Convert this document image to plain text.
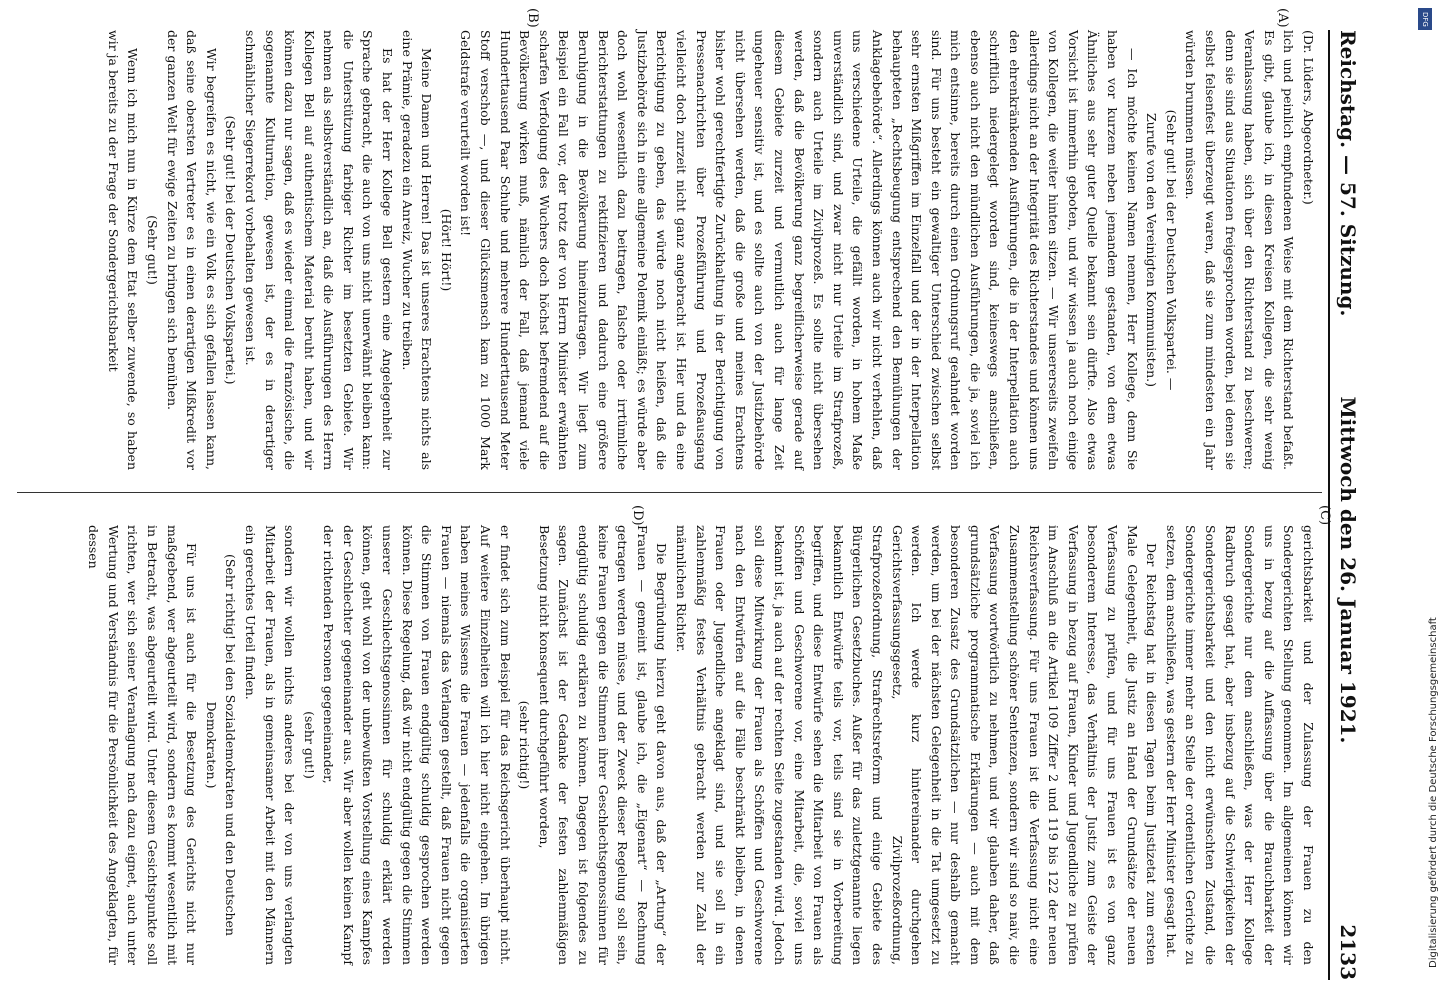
Reichstag. — 57. Sitzung.
Mittwoch den 26. Januar 1921.
2133
(A)
(B)
(C)
(D)

(Dr. Lüders, Abgeordneter.)

lich und peinlich empfundenen Weise mit dem Richterstand befaßt. Es gibt, glaube ich, in diesen Kreisen Kollegen, die sehr wenig Veranlassung haben, sich über den Richterstand zu beschweren; denn sie sind aus Situationen freigesprochen worden, bei denen sie selbst felsenfest überzeugt waren, daß sie zum mindesten ein Jahr würden brummen müssen.

(Sehr gut! bei der Deutschen Volkspartei. —

Zurufe von den Vereinigten Kommunisten.)

— Ich möchte keinen Namen nennen, Herr Kollege, denn Sie haben vor kurzem neben jemandem gestanden, von dem etwas Ähnliches aus sehr guter Quelle bekannt sein dürfte. Also etwas Vorsicht ist immerhin geboten, und wir wissen ja auch noch einige von Kollegen, die weiter hinten sitzen. — Wir unsererseits zweifeln allerdings nicht an der Integrität des Richterstandes und können uns den ehrenkränkenden Ausführungen, die in der Interpellation auch schriftlich niedergelegt worden sind, keineswegs anschließen, ebenso auch nicht den mündlichen Ausführungen, die ja, soviel ich mich entsinne, bereits durch einen Ordnungsruf geahndet worden sind. Für uns besteht ein gewaltiger Unterschied zwischen selbst sehr ernsten Mißgriffen im Einzelfall und der in der Interpellation behaupteten „Rechtsbeugung entsprechend den Bemühungen der Anklagebehörde“. Allerdings können auch wir nicht verhehlen, daß uns verschiedene Urteile, die gefällt worden, in hohem Maße unverständlich sind, und zwar nicht nur Urteile im Strafprozeß, sondern auch Urteile im Zivilprozeß. Es sollte nicht übersehen werden, daß die Bevölkerung ganz begreiflicherweise gerade auf diesem Gebiete zurzeit und vermutlich auch für lange Zeit ungeheuer sensitiv ist, und es sollte auch von der Justizbehörde nicht übersehen werden, daß die große und meines Erachtens bisher wohl gerechtfertigte Zurückhaltung in der Berichtigung von Pressenachrichten über Prozeßführung und Prozeßausgang vielleicht doch zurzeit nicht ganz angebracht ist. Hier und da eine Berichtigung zu geben, das würde noch nicht heißen, daß die Justizbehörde sich in eine allgemeine Polemik einläßt; es würde aber doch wohl wesentlich dazu beitragen, falsche oder irrtümliche Berichterstattungen zu rektifizieren und dadurch eine größere Beruhigung in die Bevölkerung hineinzutragen. Wir liegt zum Beispiel ein Fall vor, der trotz der von Herrn Minister erwähnten scharfen Verfolgung des Wuchers doch höchst befremdend auf die Bevölkerung wirken muß, nämlich der Fall, daß jemand viele Hunderttausend Paar Schuhe und mehrere Hunderttausend Meter Stoff verschob —, und dieser Glücksmensch kam zu 1000 Mark Geldstrafe verurteilt worden ist!

(Hört! Hört!)

Meine Damen und Herren! Das ist unseres Erachtens nichts als eine Prämie, geradezu ein Anreiz, Wucher zu treiben.

Es hat der Herr Kollege Bell gestern eine Angelegenheit zur Sprache gebracht, die auch von uns nicht unerwähnt bleiben kann: die Unterstützung farbiger Richter im besetzten Gebiete. Wir nehmen als selbstverständlich an, daß die Ausführungen des Herrn Kollegen Bell auf authentischem Material beruht haben, und wir können dazu nur sagen, daß es wieder einmal die französische, die sogenannte Kulturnation, gewesen ist, der es in derartiger schmählicher Siegerrekord vorbehalten gewesen ist.

(Sehr gut! bei der Deutschen Volkspartei.)

Wir begreifen es nicht, wie ein Volk es sich gefallen lassen kann, daß seine obersten Vertreter es in einen derartigen Mißkredit vor der ganzen Welt für ewige Zeiten zu bringen sich bemühen.

(Sehr gut!)

Wenn ich mich nun in Kürze dem Etat selber zuwende, so haben wir ja bereits zu der Frage der Sondergerichtsbarkeit

gerichtsbarkeit und der Zulassung der Frauen zu den Sondergerichten Stellung genommen. Im allgemeinen können wir uns in bezug auf die Auffassung über die Brauchbarkeit der Sondergerichte nur dem anschließen, was der Herr Kollege Radbruch gesagt hat, aber insbezug auf die Schwierigkeiten der Sondergerichtsbarkeit und den nicht erwünschten Zustand, die Sondergerichte immer mehr an Stelle der ordentlichen Gerichte zu setzen, dem anschließen, was gestern der Herr Minister gesagt hat.

Der Reichstag hat in diesen Tagen beim Justizetat zum ersten Male Gelegenheit, die Justiz an Hand der Grundsätze der neuen Verfassung zu prüfen, und für uns Frauen ist es von ganz besonderem Interesse, das Verhältnis der Justiz zum Geiste der Verfassung in bezug auf Frauen, Kinder und Jugendliche zu prüfen im Anschluß an die Artikel 109 Ziffer 2 und 119 bis 122 der neuen Reichsverfassung. Für uns Frauen ist die Verfassung nicht eine Zusammenstellung schöner Sentenzen, sondern wir sind so naiv, die Verfassung wortwörtlich zu nehmen, und wir glauben daher, daß grundsätzliche programmatische Erklärungen — auch mit dem besonderen Zusatz des Grundsätzlichen — nur deshalb gemacht werden, um bei der nächsten Gelegenheit in die Tat umgesetzt zu werden. Ich werde kurz hintereinander durchgehen Gerichtsverfassungsgesetz, Zivilprozeßordnung, Strafprozeßordnung, Strafrechtsreform und einige Gebiete des Bürgerlichen Gesetzbuches. Außer für das zuletztgenannte liegen bekanntlich Entwürfe teils vor, teils sind sie in Vorbereitung begriffen, und diese Entwürfe sehen die Mitarbeit von Frauen als Schöffen und Geschworene vor, eine Mitarbeit, die, soviel uns bekannt ist, ja auch auf der rechten Seite zugestanden wird. Jedoch soll diese Mitwirkung der Frauen als Schöffen und Geschworene nach den Entwürfen auf die Fälle beschränkt bleiben, in denen Frauen oder Jugendliche angeklagt sind, und sie soll in ein zahlenmäßig festes Verhältnis gebracht werden zur Zahl der männlichen Richter.

Die Begründung hierzu geht davon aus, daß der „Artung“ der Frauen — gemeint ist, glaube ich, die „Eigenart“ — Rechnung getragen werden müsse, und der Zweck dieser Regelung soll sein, keine Frauen gegen die Stimmen ihrer Geschlechtsgenossinnen für endgültig schuldig erklären zu können. Dagegen ist folgendes zu sagen. Zunächst ist der Gedanke der festen zahlenmäßigen Besetzung nicht konsequent durchgeführt worden,

(sehr richtig!)

er findet sich zum Beispiel für das Reichsgericht überhaupt nicht. Auf weitere Einzelheiten will ich hier nicht eingehen. Im übrigen haben meines Wissens die Frauen — jedenfalls die organisierten Frauen — niemals das Verlangen gestellt, daß Frauen nicht gegen die Stimmen von Frauen endgültig schuldig gesprochen werden können. Diese Regelung, daß wir nicht endgültig gegen die Stimmen unserer Geschlechtsgenossinnen für schuldig erklärt werden können, geht wohl von der unbewußten Vorstellung eines Kampfes der Geschlechter gegeneinander aus. Wir aber wollen keinen Kampf der richtenden Personen gegeneinander,

(sehr gut!)

sondern wir wollen nichts anderes bei der von uns verlangten Mitarbeit der Frauen, als in gemeinsamer Arbeit mit den Männern ein gerechtes Urteil finden.

(Sehr richtig! bei den Sozialdemokraten und den Deutschen Demokraten.)

Für uns ist auch für die Besetzung des Gerichts nicht nur maßgebend, wer abgeurteilt wird, sondern es kommt wesentlich mit in Betracht, was abgeurteilt wird. Unter diesem Gesichtspunkte soll richten, wer sich seiner Veranlagung nach dazu eignet, auch unter Wertung und Verständnis für die Persönlichkeit des Angeklagten, für dessen

DFG
Digitalisierung gefördert durch die Deutsche Forschungsgemeinschaft
